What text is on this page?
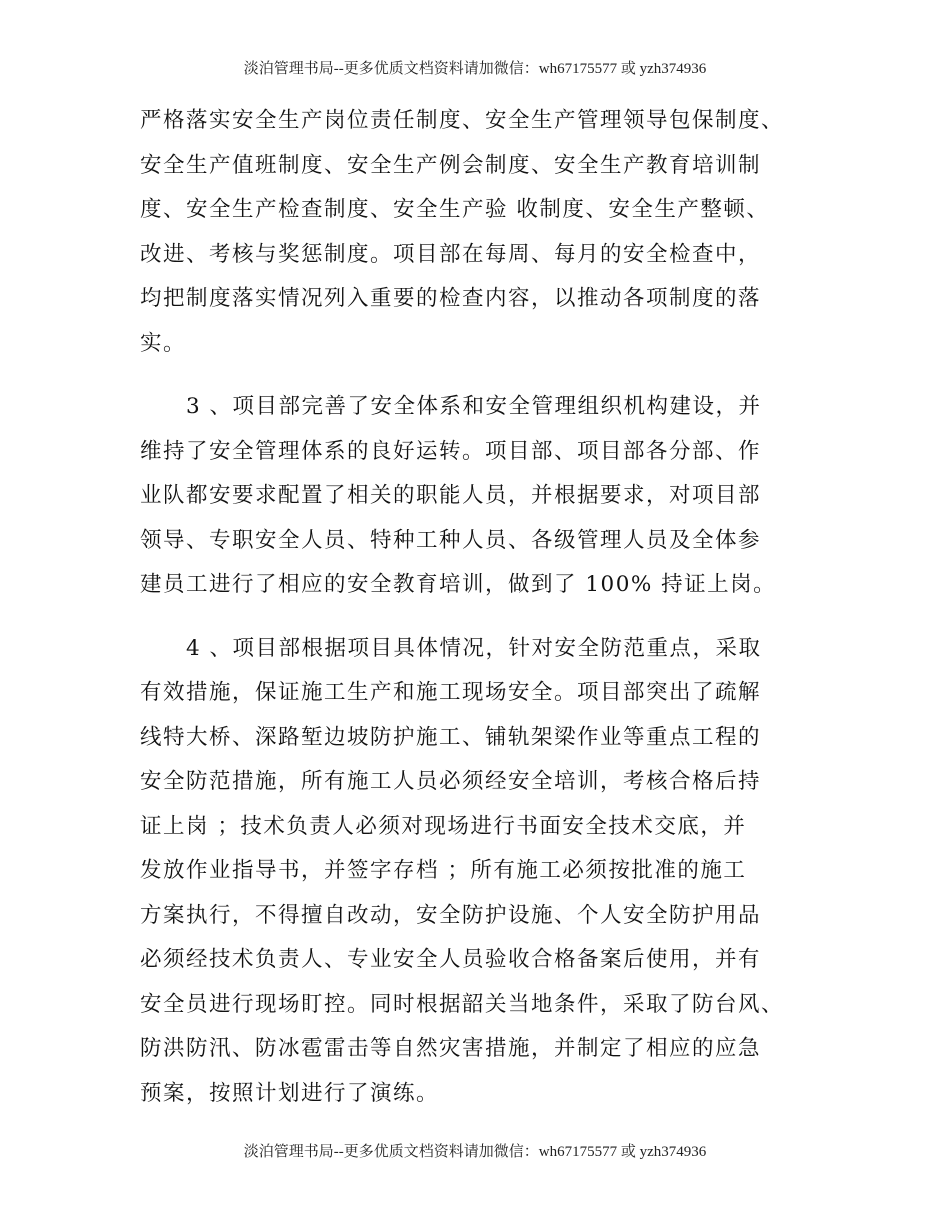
淡泊管理书局--更多优质文档资料请加微信：wh67175577 或 yzh374936
严格落实安全生产岗位责任制度、安全生产管理领导包保制度、
安全生产值班制度、安全生产例会制度、安全生产教育培训制
度、安全生产检查制度、安全生产验 收制度、安全生产整顿、
改进、考核与奖惩制度。项目部在每周、每月的安全检查中，
均把制度落实情况列入重要的检查内容，以推动各项制度的落
实。
3 、项目部完善了安全体系和安全管理组织机构建设，并
维持了安全管理体系的良好运转。项目部、项目部各分部、作
业队都安要求配置了相关的职能人员，并根据要求，对项目部
领导、专职安全人员、特种工种人员、各级管理人员及全体参
建员工进行了相应的安全教育培训，做到了 100% 持证上岗。
4 、项目部根据项目具体情况，针对安全防范重点，采取
有效措施，保证施工生产和施工现场安全。项目部突出了疏解
线特大桥、深路堑边坡防护施工、铺轨架梁作业等重点工程的
安全防范措施，所有施工人员必须经安全培训，考核合格后持
证上岗 ；技术负责人必须对现场进行书面安全技术交底，并
发放作业指导书，并签字存档 ；所有施工必须按批准的施工
方案执行，不得擅自改动，安全防护设施、个人安全防护用品
必须经技术负责人、专业安全人员验收合格备案后使用，并有
安全员进行现场盯控。同时根据韶关当地条件，采取了防台风、
防洪防汛、防冰雹雷击等自然灾害措施，并制定了相应的应急
预案，按照计划进行了演练。
淡泊管理书局--更多优质文档资料请加微信：wh67175577 或 yzh374936
